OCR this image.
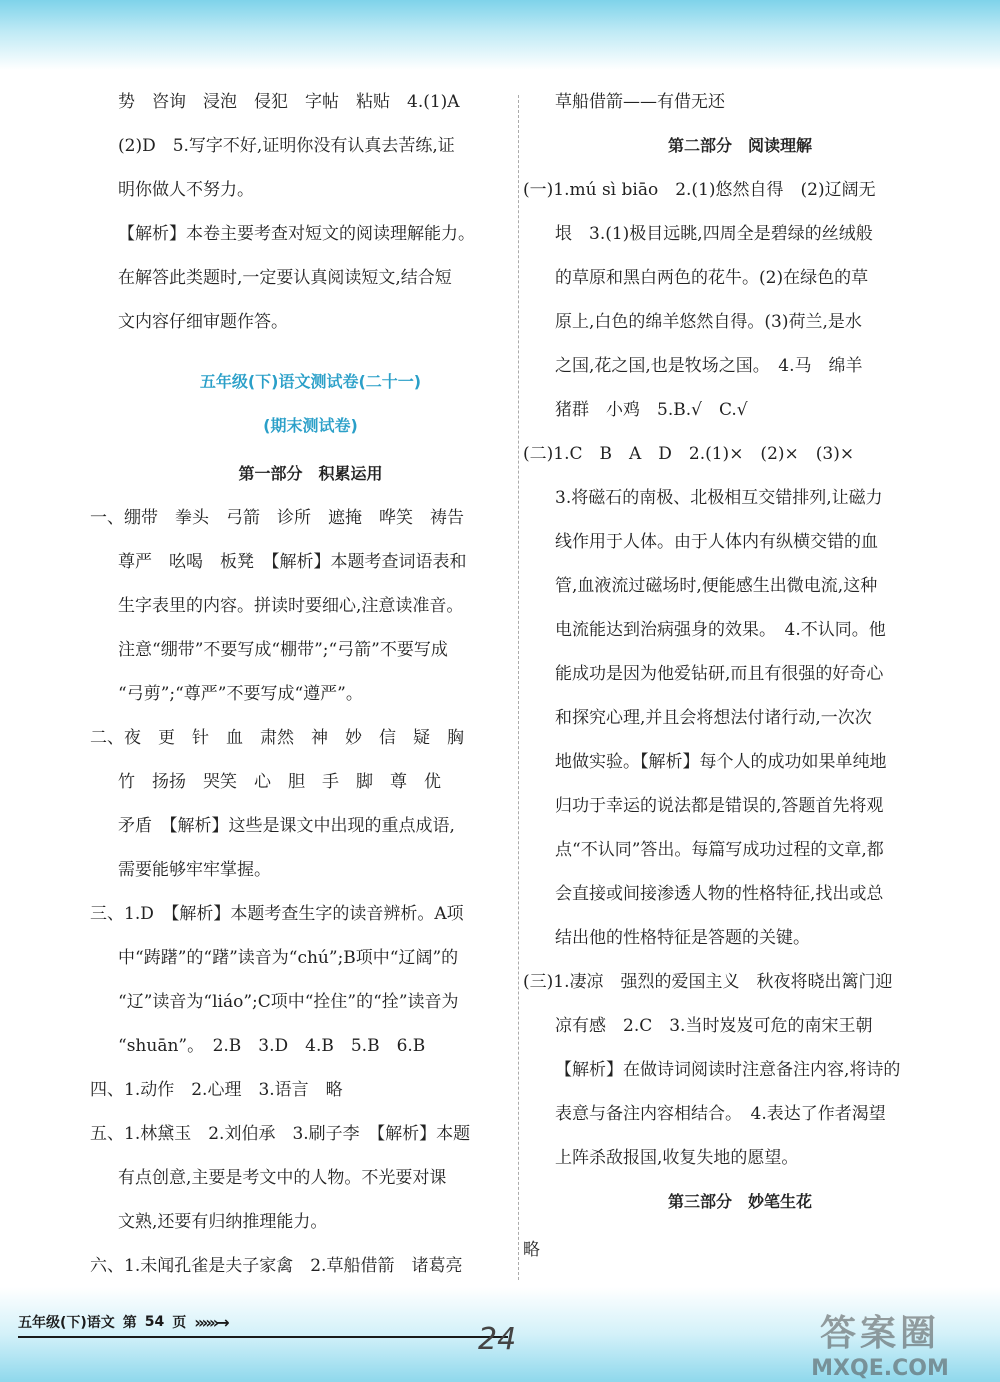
势　咨询　浸泡　侵犯　字帖　粘贴　4.(1)A
(2)D　5.写字不好,证明你没有认真去苦练,证
明你做人不努力。
【解析】本卷主要考查对短文的阅读理解能力。
在解答此类题时,一定要认真阅读短文,结合短
文内容仔细审题作答。
五年级(下)语文测试卷(二十一)
(期末测试卷)
第一部分　积累运用
一、绷带　拳头　弓箭　诊所　遮掩　哗笑　祷告
尊严　吆喝　板凳　【解析】本题考查词语表和
生字表里的内容。拼读时要细心,注意读准音。
注意“绷带”不要写成“棚带”;“弓箭”不要写成
“弓剪”;“尊严”不要写成“遵严”。
二、夜　更　针　血　肃然　神　妙　信　疑　胸
竹　扬扬　哭笑　心　胆　手　脚　尊　优
矛盾　【解析】这些是课文中出现的重点成语,
需要能够牢牢掌握。
三、1.D　【解析】本题考查生字的读音辨析。A项
中“踌躇”的“躇”读音为“chú”;B项中“辽阔”的
“辽”读音为“liáo”;C项中“拴住”的“拴”读音为
“shuān”。　2.B　3.D　4.B　5.B　6.B
四、1.动作　2.心理　3.语言　略
五、1.林黛玉　2.刘伯承　3.刷子李　【解析】本题
有点创意,主要是考文中的人物。不光要对课
文熟,还要有归纳推理能力。
六、1.未闻孔雀是夫子家禽　2.草船借箭　诸葛亮
草船借箭——有借无还
第二部分　阅读理解
(一)1.mú sì biāo　2.(1)悠然自得　(2)辽阔无
垠　3.(1)极目远眺,四周全是碧绿的丝绒般
的草原和黑白两色的花牛。(2)在绿色的草
原上,白色的绵羊悠然自得。(3)荷兰,是水
之国,花之国,也是牧场之国。　4.马　绵羊
猪群　小鸡　5.B.√　C.√
(二)1.C　B　A　D　2.(1)×　(2)×　(3)×
3.将磁石的南极、北极相互交错排列,让磁力
线作用于人体。由于人体内有纵横交错的血
管,血液流过磁场时,便能感生出微电流,这种
电流能达到治病强身的效果。　4.不认同。他
能成功是因为他爱钻研,而且有很强的好奇心
和探究心理,并且会将想法付诸行动,一次次
地做实验。【解析】每个人的成功如果单纯地
归功于幸运的说法都是错误的,答题首先将观
点“不认同”答出。每篇写成功过程的文章,都
会直接或间接渗透人物的性格特征,找出或总
结出他的性格特征是答题的关键。
(三)1.凄凉　强烈的爱国主义　秋夜将晓出篱门迎
凉有感　2.C　3.当时岌岌可危的南宋王朝
【解析】在做诗词阅读时注意备注内容,将诗的
表意与备注内容相结合。　4.表达了作者渴望
上阵杀敌报国,收复失地的愿望。
第三部分　妙笔生花
略
五年级(下)语文 第 54 页 »»»→	24	答案圈
MXQE.COM
